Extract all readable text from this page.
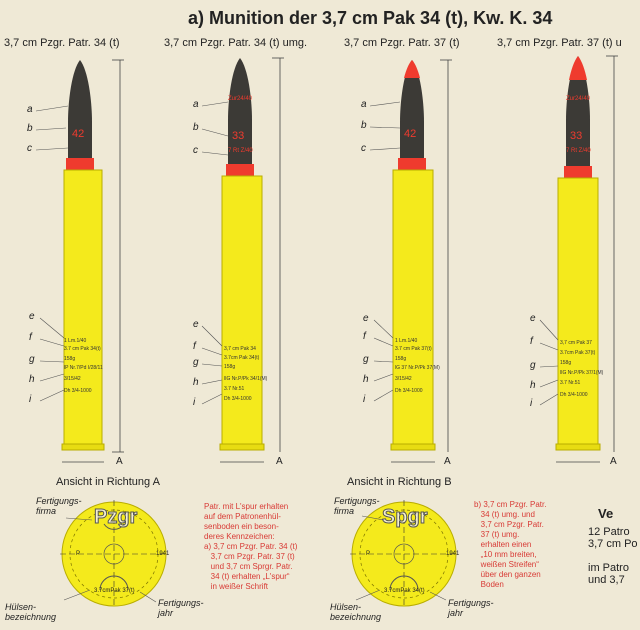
a) Munition der 3,7 cm Pak 34 (t), Kw. K. 34
3,7 cm Pzgr. Patr. 34 (t)	3,7 cm Pzgr. Patr. 34 (t) umg.	3,7 cm Pzgr. Patr. 37 (t)	3,7 cm Pzgr. Patr. 37 (t) u
a
b
c
e
f
g
h
i
a
b
c
e
f
g
h
i
a
b
c
e
f
g
h
i
e
f
g
h
i
A	A	A	A
42
1 Lm.1/40
3.7 cm Pak 34(t)
158g
lP Nr.7/Pd I/28/11
3/15/42
Dh 3/4-1000
Zur24/40
33
7 Rt Z/40
3,7 cm Pak 34
3.7cm Pak 34(t)
158g
lIG Nr.P/Pk 34/1(M)
3.7 Nr.51
Dh 3/4-1000
42
1 Lm.1/40
3.7 cm Pak 37(t)
158g
lG 37 Nr.P/Pk 37(M)
3/15/42
Dh 3/4-1000
Zur24/40
33
7 Rt Z/40
3,7 cm Pak 37
3.7cm Pak 37(t)
158g
lIG Nr.P/Pk 37/1(M)
3.7 Nr.51
Dh 3/4-1000
Ansicht in Richtung A	Ansicht in Richtung B
Pzgr	Spgr
Fertigungs-
firma
Hülsen-
bezeichnung
Fertigungs-
jahr
1941
3.7cmPak 37(t)
P
Fertigungs-
firma
Hülsen-
bezeichnung
Fertigungs-
jahr
1941
3.7cmPak 34(t)
P
Patr. mit L'spur erhalten
auf dem Patronenhül-
senboden ein beson-
deres Kennzeichen:
a) 3,7 cm Pzgr. Patr. 34 (t)
3,7 cm Pzgr. Patr. 37 (t)
und 3,7 cm Sprgr. Patr.
34 (t) erhalten „L'spur“
in weißer Schrift
b) 3,7 cm Pzgr. Patr.
34 (t) umg. und
3,7 cm Pzgr. Patr.
37 (t) umg.
erhalten einen
„10 mm breiten,
weißen Streifen“
über den ganzen
Boden
Ve
12 Patro
3,7 cm Po

im Patro
und 3,7
